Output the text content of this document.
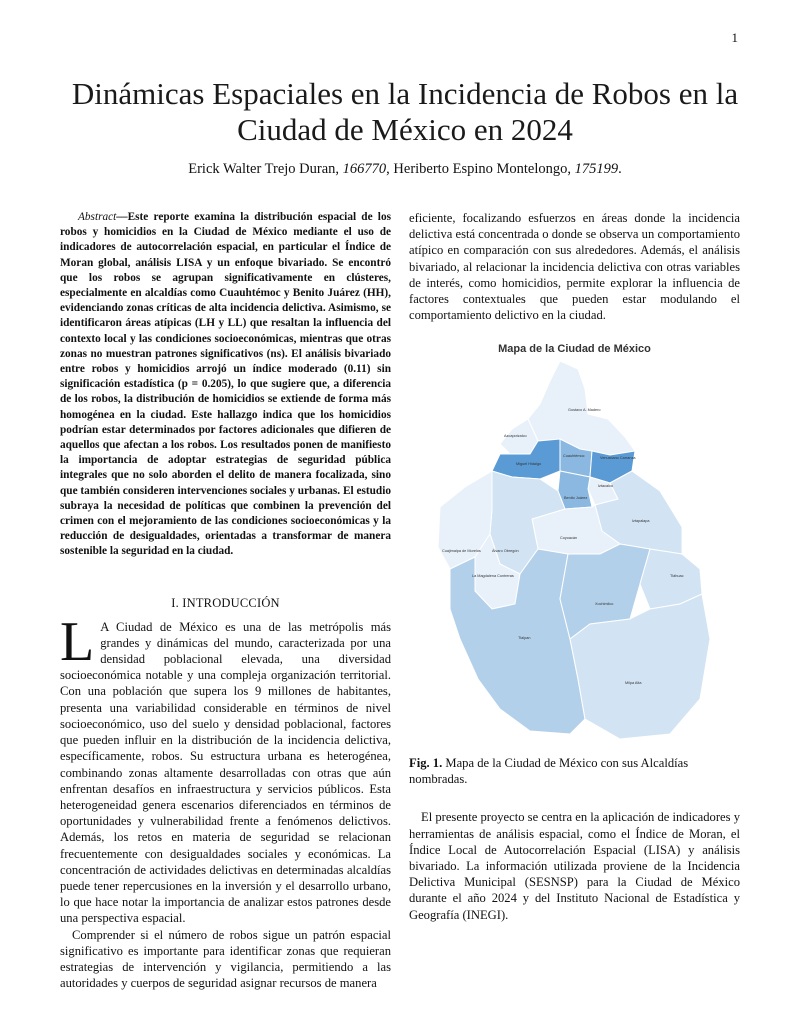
1
Dinámicas Espaciales en la Incidencia de Robos en la Ciudad de México en 2024
Erick Walter Trejo Duran, 166770, Heriberto Espino Montelongo, 175199.

Abstract—Este reporte examina la distribución espacial de los robos y homicidios en la Ciudad de México mediante el uso de indicadores de autocorrelación espacial, en particular el Índice de Moran global, análisis LISA y un enfoque bivariado. Se encontró que los robos se agrupan significativamente en clústeres, especialmente en alcaldías como Cuauhtémoc y Benito Juárez (HH), evidenciando zonas críticas de alta incidencia delictiva. Asimismo, se identificaron áreas atípicas (LH y LL) que resaltan la influencia del contexto local y las condiciones socioeconómicas, mientras que otras zonas no muestran patrones significativos (ns). El análisis bivariado entre robos y homicidios arrojó un índice moderado (0.11) sin significación estadística (p = 0.205), lo que sugiere que, a diferencia de los robos, la distribución de homicidios se extiende de forma más homogénea en la ciudad. Este hallazgo indica que los homicidios podrían estar determinados por factores adicionales que difieren de aquellos que afectan a los robos. Los resultados ponen de manifiesto la importancia de adoptar estrategias de seguridad pública integrales que no solo aborden el delito de manera focalizada, sino que también consideren intervenciones sociales y urbanas. El estudio subraya la necesidad de políticas que combinen la prevención del crimen con el mejoramiento de las condiciones socioeconómicas y la reducción de desigualdades, orientadas a transformar de manera sostenible la seguridad en la ciudad.

I. INTRODUCCIÓN

L A Ciudad de México es una de las metrópolis más grandes y dinámicas del mundo, caracterizada por una densidad poblacional elevada, una diversidad socioeconómica notable y una compleja organización territorial. Con una población que supera los 9 millones de habitantes, presenta una variabilidad considerable en términos de nivel socioeconómico, uso del suelo y densidad poblacional, factores que pueden influir en la distribución de la incidencia delictiva, específicamente, robos. Su estructura urbana es heterogénea, combinando zonas altamente desarrolladas con otras que aún enfrentan desafíos en infraestructura y servicios públicos. Esta heterogeneidad genera escenarios diferenciados en términos de oportunidades y vulnerabilidad frente a fenómenos delictivos. Además, los retos en materia de seguridad se relacionan frecuentemente con desigualdades sociales y económicas. La concentración de actividades delictivas en determinadas alcaldías puede tener repercusiones en la inversión y el desarrollo urbano, lo que hace notar la importancia de analizar estos patrones desde una perspectiva espacial.

Comprender si el número de robos sigue un patrón espacial significativo es importante para identificar zonas que requieran estrategias de intervención y vigilancia, permitiendo a las autoridades y cuerpos de seguridad asignar recursos de manera

eficiente, focalizando esfuerzos en áreas donde la incidencia delictiva está concentrada o donde se observa un comportamiento atípico en comparación con sus alrededores. Además, el análisis bivariado, al relacionar la incidencia delictiva con otras variables de interés, como homicidios, permite explorar la influencia de factores contextuales que pueden estar modulando el comportamiento delictivo en la ciudad.

Mapa de la Ciudad de México
Gustavo A. Madero
Azcapotzalco
Miguel Hidalgo
Cuauhtémoc	Venustiano Carranza
Iztacalco
Benito Juárez
Iztapalapa
Cuajimalpa de Morelos	Álvaro Obregón
Coyoacán
La Magdalena Contreras
Tlalpan
Xochimilco
Tláhuac
Milpa Alta

Fig. 1. Mapa de la Ciudad de México con sus Alcaldías nombradas.

El presente proyecto se centra en la aplicación de indicadores y herramientas de análisis espacial, como el Índice de Moran, el Índice Local de Autocorrelación Espacial (LISA) y análisis bivariado. La información utilizada proviene de la Incidencia Delictiva Municipal (SESNSP) para la Ciudad de México durante el año 2024 y del Instituto Nacional de Estadística y Geografía (INEGI).
